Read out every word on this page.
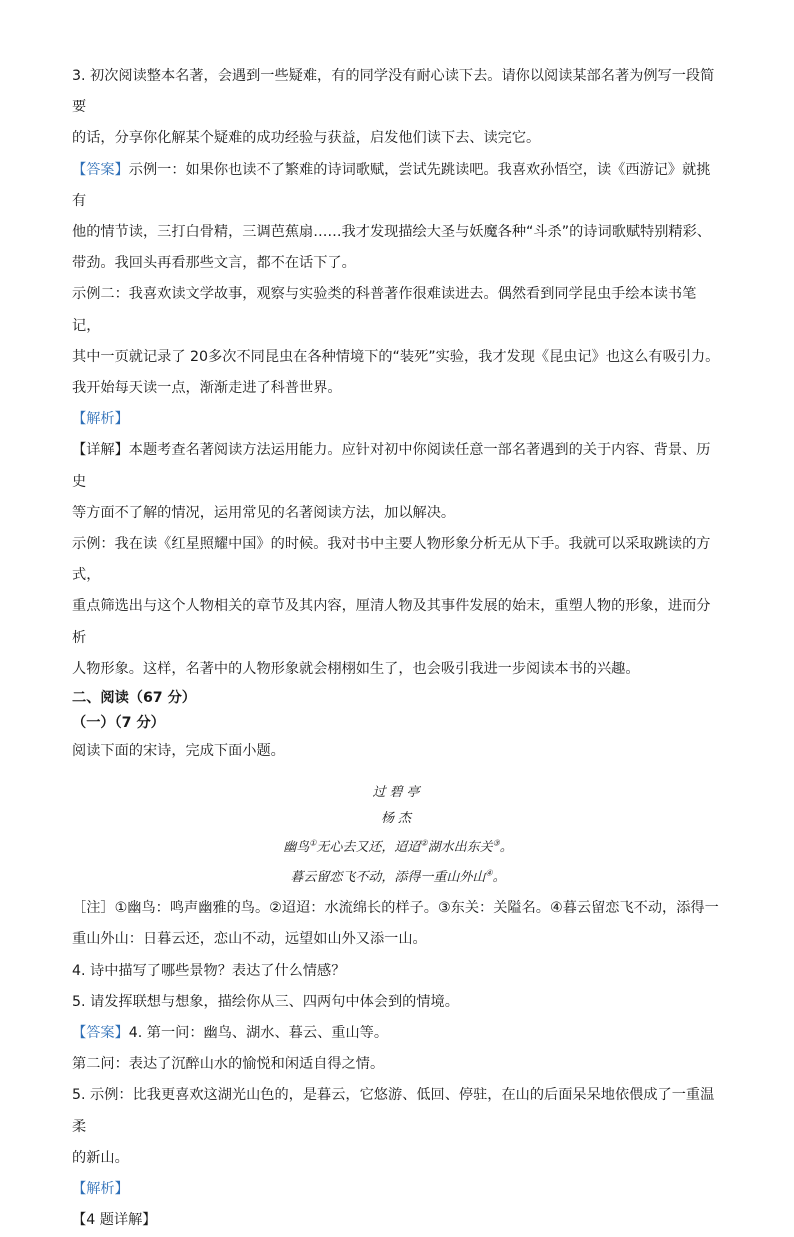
3. 初次阅读整本名著，会遇到一些疑难，有的同学没有耐心读下去。请你以阅读某部名著为例写一段简要

的话，分享你化解某个疑难的成功经验与获益，启发他们读下去、读完它。

【答案】示例一：如果你也读不了繁难的诗词歌赋，尝试先跳读吧。我喜欢孙悟空，读《西游记》就挑有

他的情节读，三打白骨精，三调芭蕉扇……我才发现描绘大圣与妖魔各种“斗杀”的诗词歌赋特别精彩、

带劲。我回头再看那些文言，都不在话下了。

示例二：我喜欢读文学故事，观察与实验类的科普著作很难读进去。偶然看到同学昆虫手绘本读书笔记，

其中一页就记录了 20多次不同昆虫在各种情境下的“装死”实验，我才发现《昆虫记》也这么有吸引力。

我开始每天读一点，渐渐走进了科普世界。

【解析】

【详解】本题考查名著阅读方法运用能力。应针对初中你阅读任意一部名著遇到的关于内容、背景、历史

等方面不了解的情况，运用常见的名著阅读方法，加以解决。

示例：我在读《红星照耀中国》的时候。我对书中主要人物形象分析无从下手。我就可以采取跳读的方式，

重点筛选出与这个人物相关的章节及其内容，厘清人物及其事件发展的始末，重塑人物的形象，进而分析

人物形象。这样，名著中的人物形象就会栩栩如生了，也会吸引我进一步阅读本书的兴趣。

二、阅读（67 分）

（一）（7 分）

阅读下面的宋诗，完成下面小题。

过碧亭

杨杰

幽鸟①无心去又还，迢迢②湖水出东关③。

暮云留恋飞不动，添得一重山外山④。

［注］①幽鸟：鸣声幽雅的鸟。②迢迢：水流绵长的样子。③东关：关隘名。④暮云留恋飞不动，添得一

重山外山：日暮云还，恋山不动，远望如山外又添一山。

4. 诗中描写了哪些景物？表达了什么情感？

5. 请发挥联想与想象，描绘你从三、四两句中体会到的情境。

【答案】4. 第一问：幽鸟、湖水、暮云、重山等。

第二问：表达了沉醉山水的愉悦和闲适自得之情。

5. 示例：比我更喜欢这湖光山色的，是暮云，它悠游、低回、停驻，在山的后面呆呆地依偎成了一重温柔

的新山。

【解析】

【4 题详解】
